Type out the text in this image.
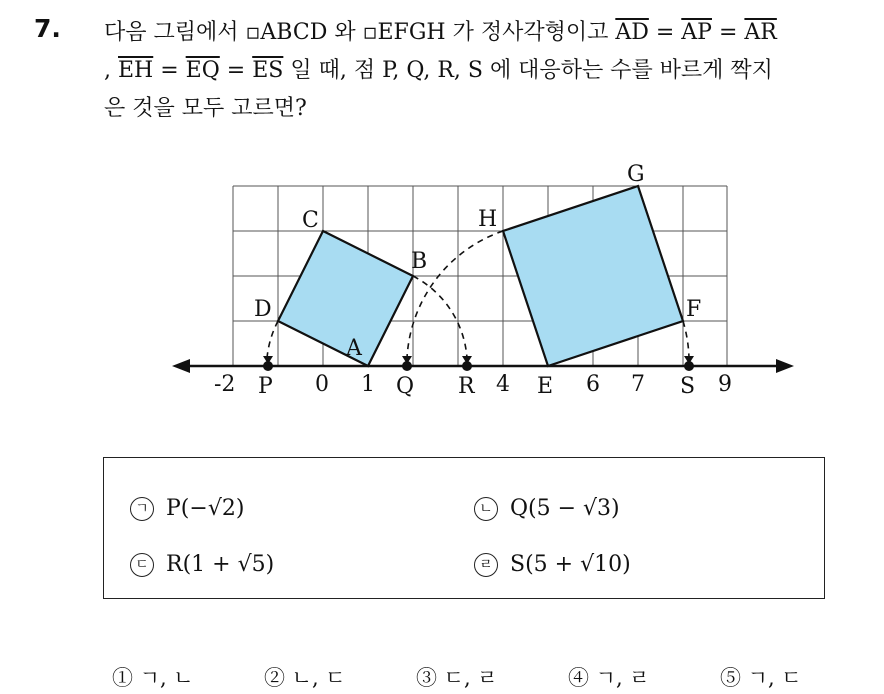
7. 다음 그림에서 ▫ABCD 와 ▫EFGH 가 정사각형이고 $\overline{AD} = \overline{AP} = \overline{AR}$
, $\overline{EH} = \overline{EQ} = \overline{ES}$ 일 때, 점 P, Q, R, S 에 대응하는 수를 바르게 짝지
은 것을 모두 고르면?
-2	0 1	4	6 7	9
P	Q R	E	S
A
B
C
D	F
G
H
ㄱ P(−√2)	ㄴ Q(5 − √3)
ㄷ R(1 + √5)	ㄹ S(5 + √10)
① ㄱ, ㄴ	② ㄴ, ㄷ	③ ㄷ, ㄹ	④ ㄱ, ㄹ	⑤ ㄱ, ㄷ
